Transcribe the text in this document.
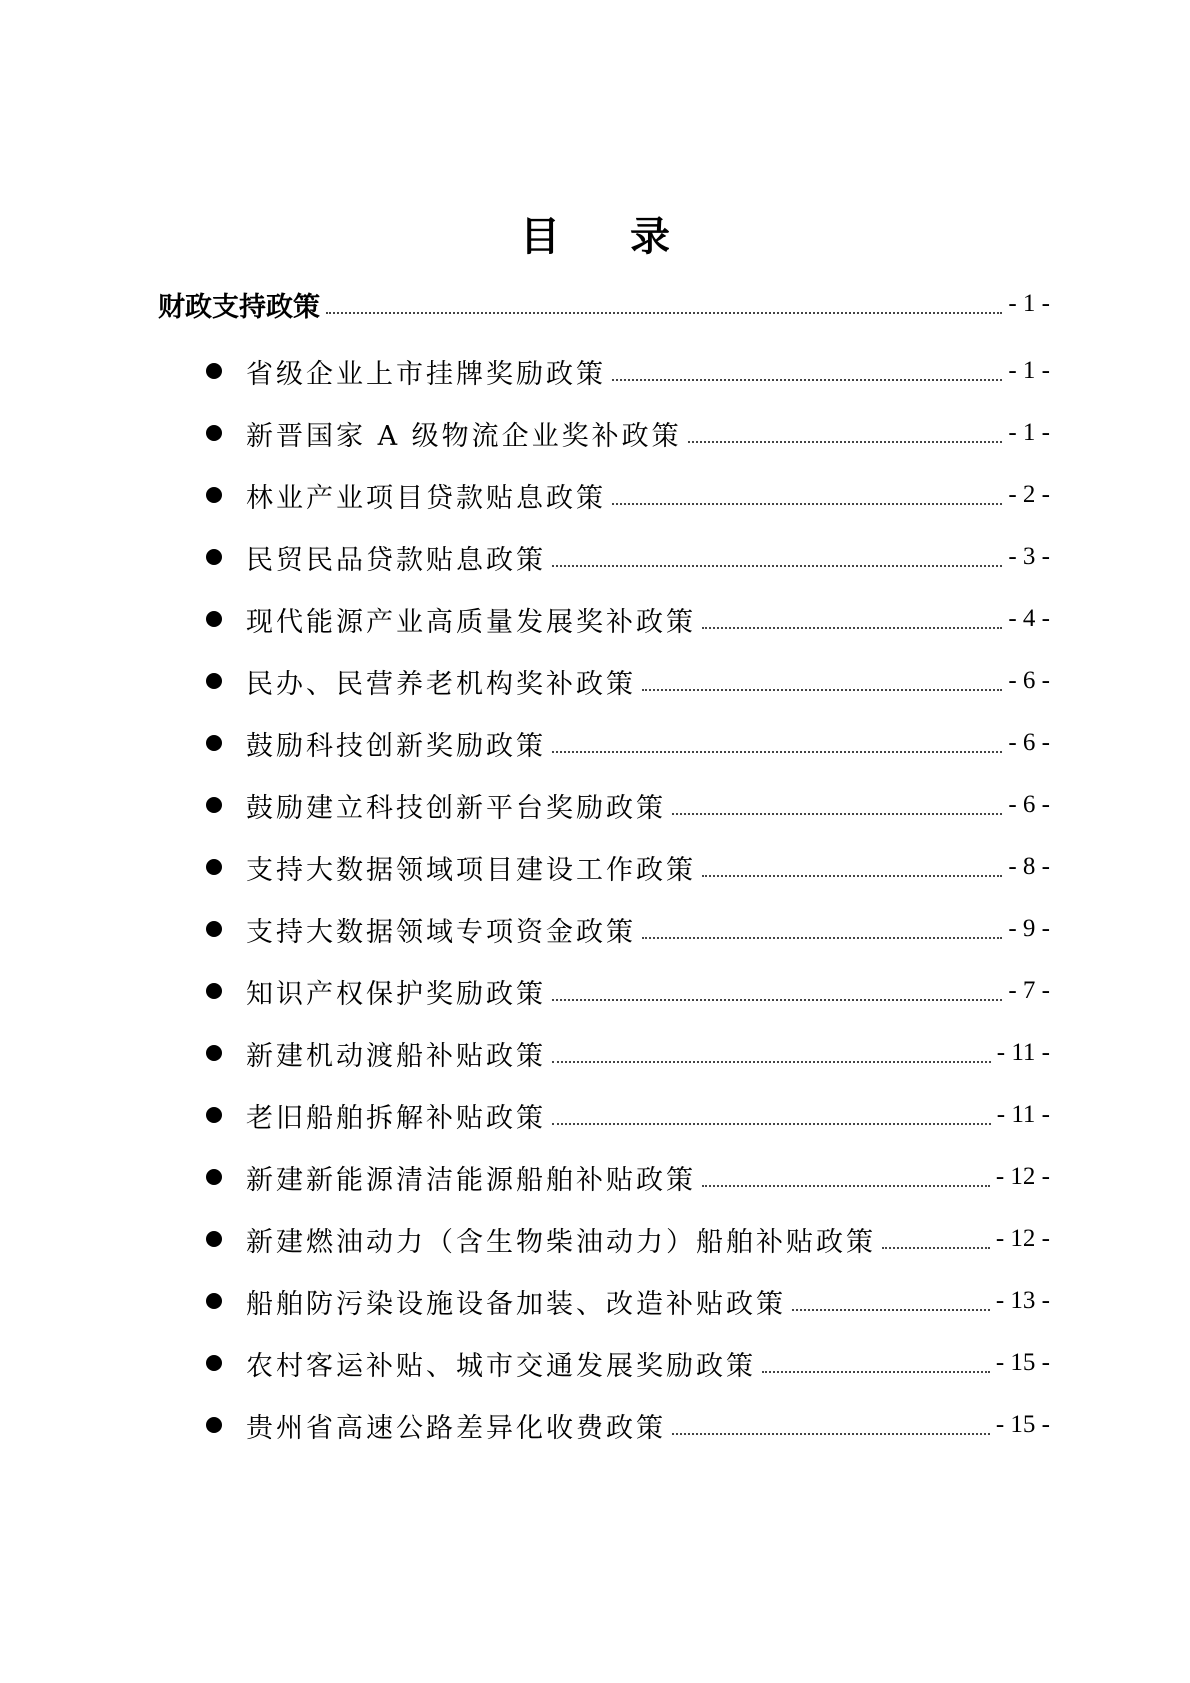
目 录
财政支持政策	- 1 -
省级企业上市挂牌奖励政策	- 1 -
新晋国家 A 级物流企业奖补政策	- 1 -
林业产业项目贷款贴息政策	- 2 -
民贸民品贷款贴息政策	- 3 -
现代能源产业高质量发展奖补政策	- 4 -
民办、民营养老机构奖补政策	- 6 -
鼓励科技创新奖励政策	- 6 -
鼓励建立科技创新平台奖励政策	- 6 -
支持大数据领域项目建设工作政策	- 8 -
支持大数据领域专项资金政策	- 9 -
知识产权保护奖励政策	- 7 -
新建机动渡船补贴政策	- 11 -
老旧船舶拆解补贴政策	- 11 -
新建新能源清洁能源船舶补贴政策	- 12 -
新建燃油动力（含生物柴油动力）船舶补贴政策	- 12 -
船舶防污染设施设备加装、改造补贴政策	- 13 -
农村客运补贴、城市交通发展奖励政策	- 15 -
贵州省高速公路差异化收费政策	- 15 -
